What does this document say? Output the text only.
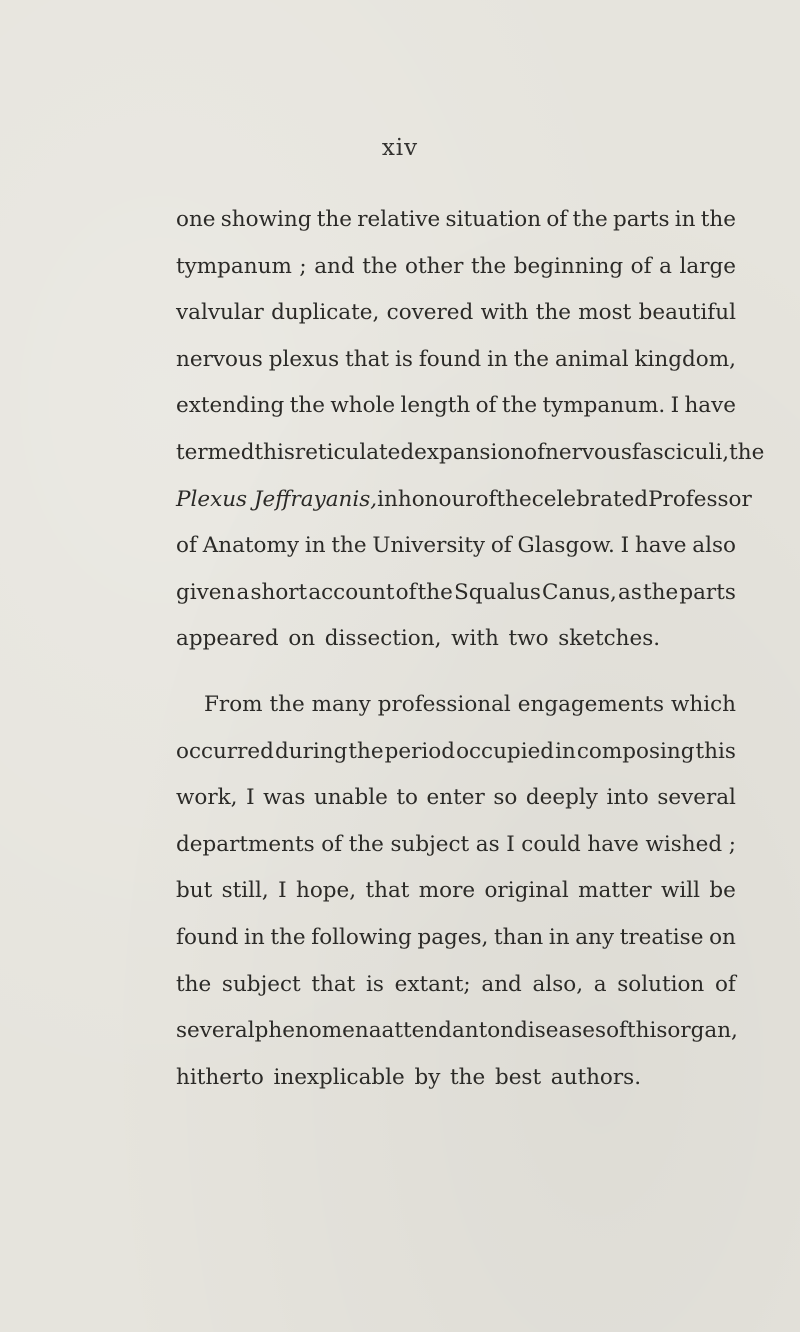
xiv
one showing the relative situation of the parts in the
tympanum ; and the other the beginning of a large
valvular duplicate, covered with the most beautiful
nervous plexus that is found in the animal kingdom,
extending the whole length of the tympanum. I have
termed this reticulated expansion of nervous fasciculi, the
Plexus Jeffrayanis, in honour of the celebrated Professor
of Anatomy in the University of Glasgow. I have also
given a short account of the Squalus Canus, as the parts
appeared on dissection, with two sketches.
From the many professional engagements which
occurred during the period occupied in composing this
work, I was unable to enter so deeply into several
departments of the subject as I could have wished ;
but still, I hope, that more original matter will be
found in the following pages, than in any treatise on
the subject that is extant; and also, a solution of
several phenomena attendant on diseases of this organ,
hitherto inexplicable by the best authors.
